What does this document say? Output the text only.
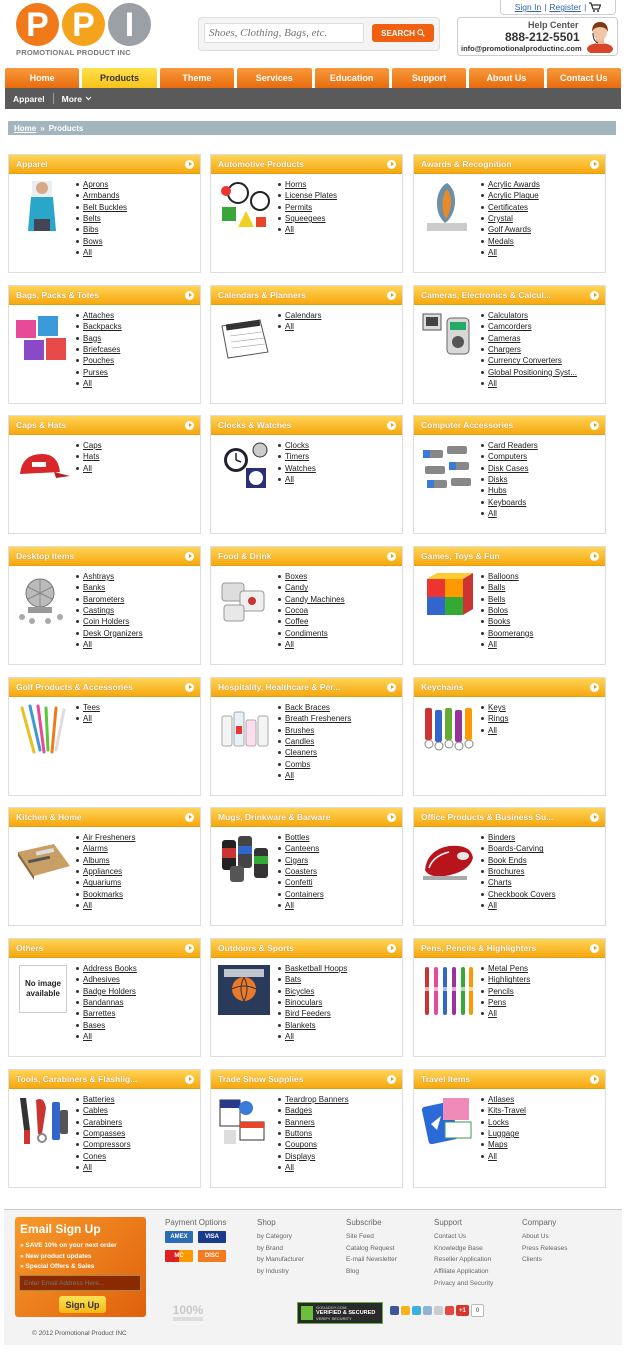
P P I
PROMOTIONAL PRODUCT INC
Shoes, Clothing, Bags, etc.
SEARCH
Sign In | Register |
Help Center
888-212-5501
info@promotionalproductinc.com
Home	Products	Theme	Services	Education	Support	About Us	Contact Us
Apparel	More
Home » Products
Apparel
Aprons
Armbands
Belt Buckles
Belts
Bibs
Bows
All
Automotive Products
Horns
License Plates
Permits
Squeegees
All
Awards & Recognition
Acrylic Awards
Acrylic Plaque
Certificates
Crystal
Golf Awards
Medals
All
Bags, Packs & Totes
Attaches
Backpacks
Bags
Briefcases
Pouches
Purses
All
Calendars & Planners
Calendars
All
Cameras, Electronics & Calcul...
Calculators
Camcorders
Cameras
Chargers
Currency Converters
Global Positioning Syst...
All
Caps & Hats
Caps
Hats
All
Clocks & Watches
Clocks
Timers
Watches
All
Computer Accessories
Card Readers
Computers
Disk Cases
Disks
Hubs
Keyboards
All
Desktop Items
Ashtrays
Banks
Barometers
Castings
Coin Holders
Desk Organizers
All
Food & Drink
Boxes
Candy
Candy Machines
Cocoa
Coffee
Condiments
All
Games, Toys & Fun
Balloons
Balls
Bells
Bolos
Books
Boomerangs
All
Golf Products & Accessories
Tees
All
Hospitality, Healthcare & Per...
Back Braces
Breath Fresheners
Brushes
Candles
Cleaners
Combs
All
Keychains
Keys
Rings
All
Kitchen & Home
Air Fresheners
Alarms
Albums
Appliances
Aquariums
Bookmarks
All
Mugs, Drinkware & Barware
Bottles
Canteens
Cigars
Coasters
Confetti
Containers
All
Office Products & Business Su...
Binders
Boards-Carving
Book Ends
Brochures
Charts
Checkbook Covers
All
Others
No image available
Address Books
Adhesives
Badge Holders
Bandannas
Barrettes
Bases
All
Outdoors & Sports
Basketball Hoops
Bats
Bicycles
Binoculars
Bird Feeders
Blankets
All
Pens, Pencils & Highlighters
Metal Pens
Highlighters
Pencils
Pens
All
Tools, Carabiners & Flashlig...
Batteries
Cables
Carabiners
Compasses
Compressors
Cones
All
Trade Show Supplies
Teardrop Banners
Badges
Banners
Buttons
Coupons
Displays
All
Travel Items
Atlases
Kits-Travel
Locks
Luggage
Maps
All
Email Sign Up
» SAVE 10% on your next order
» New product updates
» Special Offers & Sales
Enter Email Address Here...
Sign Up
Payment Options
AMEX	VISA
MC	DISC
Shop
by Category
by Brand
by Manufacturer
by Industry
Subscribe
Site Feed
Catalog Request
E-mail Newsletter
Blog
Support
Contact Us
Knowledge Base
Reseller Application
Affiliate Application
Privacy and Security
Company
About Us
Press Releases
Clients
100%	GODADDY.COM
VERIFIED & SECURED
VERIFY SECURITY
+1	0
© 2012 Promotional Product INC
